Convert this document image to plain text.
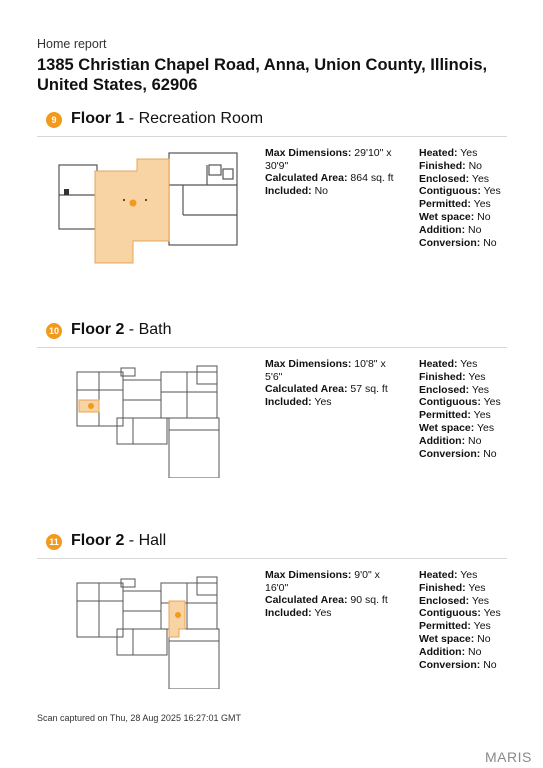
Home report
1385 Christian Chapel Road, Anna, Union County, Illinois, United States, 62906
9 Floor 1 - Recreation Room
Max Dimensions: 29'10" x 30'9"
Calculated Area: 864 sq. ft
Included: No
Heated: Yes
Finished: No
Enclosed: Yes
Contiguous: Yes
Permitted: Yes
Wet space: No
Addition: No
Conversion: No
10 Floor 2 - Bath
Max Dimensions: 10'8" x 5'6"
Calculated Area: 57 sq. ft
Included: Yes
Heated: Yes
Finished: Yes
Enclosed: Yes
Contiguous: Yes
Permitted: Yes
Wet space: Yes
Addition: No
Conversion: No
11 Floor 2 - Hall
Max Dimensions: 9'0" x 16'0"
Calculated Area: 90 sq. ft
Included: Yes
Heated: Yes
Finished: Yes
Enclosed: Yes
Contiguous: Yes
Permitted: Yes
Wet space: No
Addition: No
Conversion: No
Scan captured on Thu, 28 Aug 2025 16:27:01 GMT
MARIS
